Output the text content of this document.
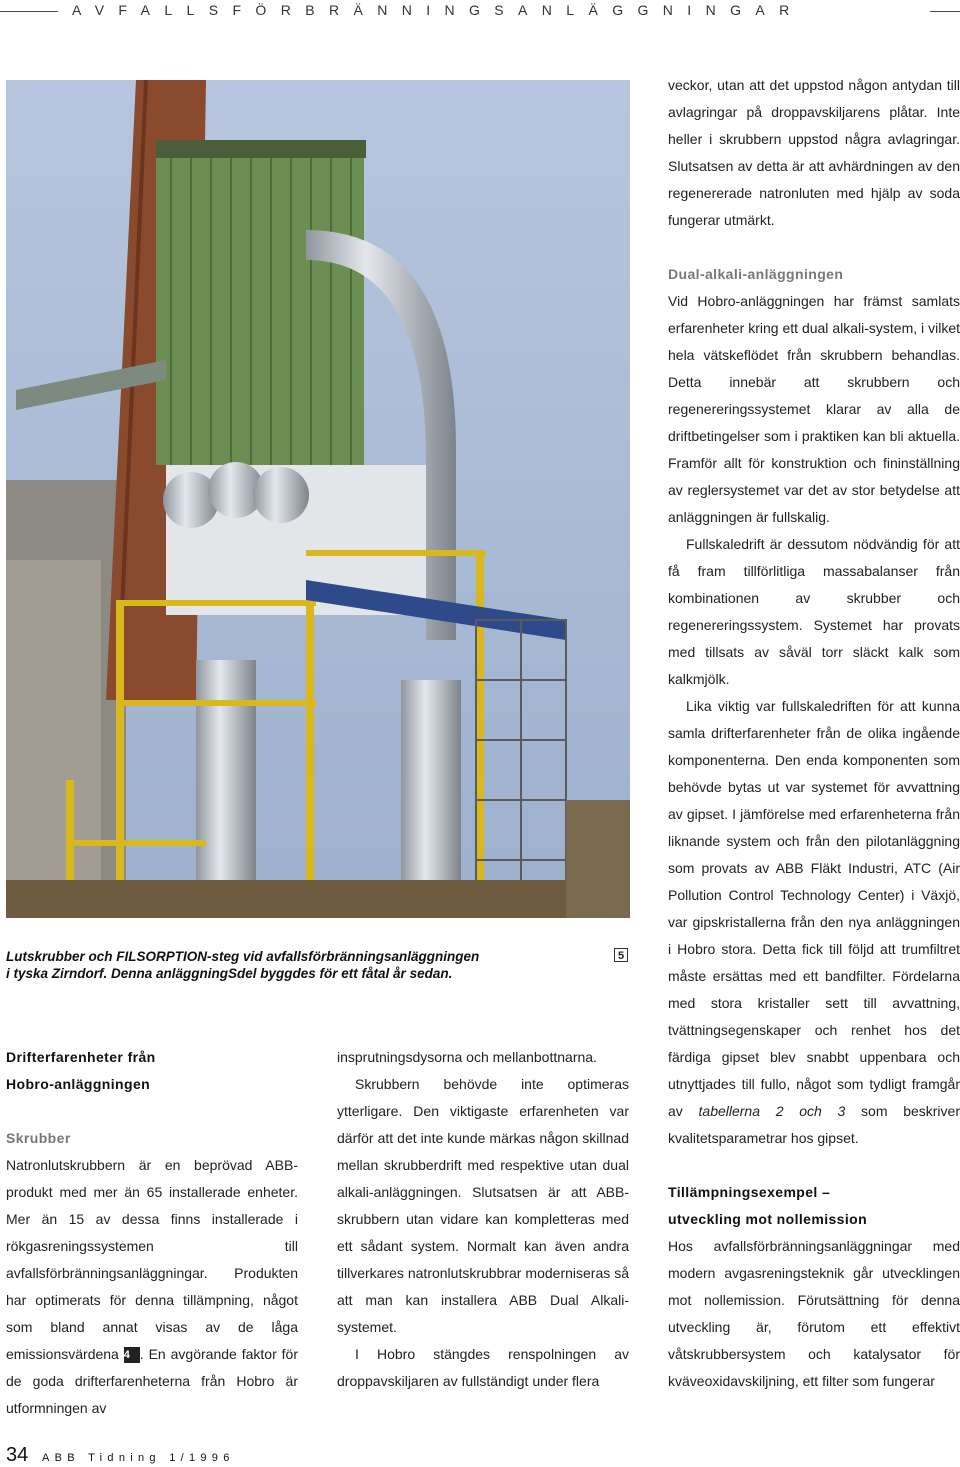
AVFALLSFÖRBRÄNNINGSANLÄGGNINGAR
Lutskrubber och FILSORPTION-steg vid avfallsförbränningsanläggningen
i tyska Zirndorf. Denna anläggningSdel byggdes för ett fåtal år sedan.
5
Drifterfarenheter från
Hobro-anläggningen
Skrubber

Natronlutskrubbern är en beprövad ABB-produkt med mer än 65 installerade enheter. Mer än 15 av dessa finns installerade i rökgasreningssystemen till avfallsförbränningsanläggningar. Produkten har optimerats för denna tillämpning, något som bland annat visas av de låga emissionsvärdena 4 . En avgörande faktor för de goda drifterfarenheterna från Hobro är utformningen av

insprutningsdysorna och mellanbottnarna.

Skrubbern behövde inte optimeras ytterligare. Den viktigaste erfarenheten var därför att det inte kunde märkas någon skillnad mellan skrubberdrift med respektive utan dual alkali-anläggningen. Slutsatsen är att ABB-skrubbern utan vidare kan kompletteras med ett sådant system. Normalt kan även andra tillverkares natronlutskrubbrar moderniseras så att man kan installera ABB Dual Alkali-systemet.

I Hobro stängdes renspolningen av droppavskiljaren av fullständigt under flera

veckor, utan att det uppstod någon antydan till avlagringar på droppavskiljarens plåtar. Inte heller i skrubbern uppstod några avlagringar. Slutsatsen av detta är att avhärdningen av den regenererade natronluten med hjälp av soda fungerar utmärkt.

Dual-alkali-anläggningen

Vid Hobro-anläggningen har främst samlats erfarenheter kring ett dual alkali-system, i vilket hela vätskeflödet från skrubbern behandlas. Detta innebär att skrubbern och regenereringssystemet klarar av alla de driftbetingelser som i praktiken kan bli aktuella. Framför allt för konstruktion och fininställning av reglersystemet var det av stor betydelse att anläggningen är fullskalig.

Fullskaledrift är dessutom nödvändig för att få fram tillförlitliga massabalanser från kombinationen av skrubber och regenereringssystem. Systemet har provats med tillsats av såväl torr släckt kalk som kalkmjölk.

Lika viktig var fullskaledriften för att kunna samla drifterfarenheter från de olika ingående komponenterna. Den enda komponenten som behövde bytas ut var systemet för avvattning av gipset. I jämförelse med erfarenheterna från liknande system och från den pilotanläggning som provats av ABB Fläkt Industri, ATC (Air Pollution Control Technology Center) i Växjö, var gipskristallerna från den nya anläggningen i Hobro stora. Detta fick till följd att trumfiltret måste ersättas med ett bandfilter. Fördelarna med stora kristaller sett till avvattning, tvättningsegenskaper och renhet hos det färdiga gipset blev snabbt uppenbara och utnyttjades till fullo, något som tydligt framgår av tabellerna 2 och 3 som beskriver kvalitetsparametrar hos gipset.

Tillämpningsexempel –
utveckling mot nollemission

Hos avfallsförbränningsanläggningar med modern avgasreningsteknik går utvecklingen mot nollemission. Förutsättning för denna utveckling är, förutom ett effektivt våtskrubbersystem och katalysator för kväveoxidavskiljning, ett filter som fungerar

34 ABB Tidning 1/1996
